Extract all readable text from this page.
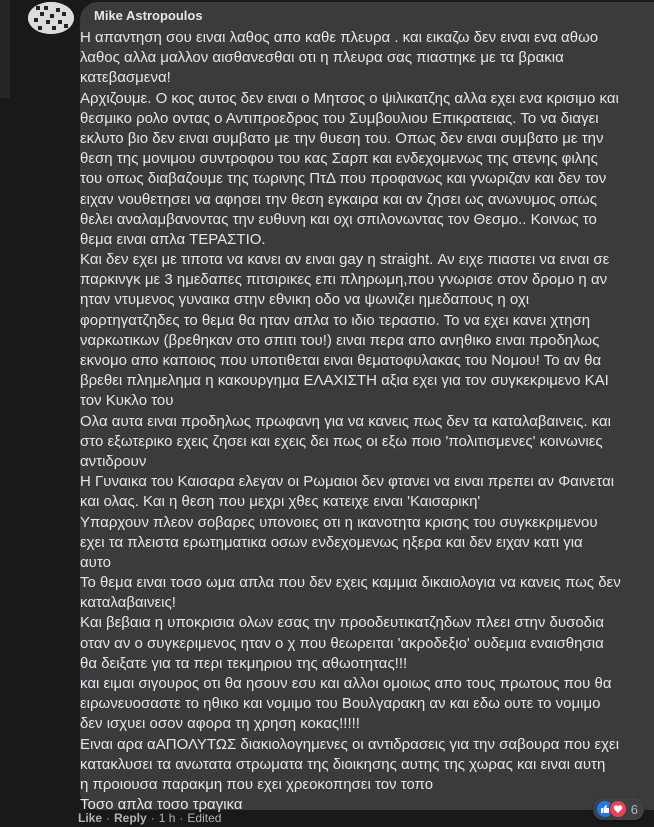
Mike Astropoulos
Η απαντηση σου ειναι λαθος απο καθε πλευρα . και εικαζω δεν ειναι ενα αθωο
λαθος αλλα μαλλον αισθανεσθαι οτι η πλευρα σας πιαστηκε με τα βρακια
κατεβασμενα!
Αρχιζουμε. Ο κος αυτος δεν ειναι ο Μητσος ο ψιλικατζης αλλα εχει ενα κρισιμο και
θεσμικο ρολο οντας ο Αντιπροεδρος του Συμβουλιου Επικρατειας. Το να διαγει
εκλυτο βιο δεν ειναι συμβατο με την θυεση του. Οπως δεν ειναι συμβατο με την
θεση της μονιμου συντροφου του κας Σαρπ και ενδεχομενως της στενης φιλης
του οπως διαβαζουμε της τωρινης ΠτΔ που προφανως και γνωριζαν και δεν τον
ειχαν νουθετησει να αφησει την θεση εγκαιρα και αν ζησει ως ανωνυμος οπως
θελει αναλαμβανοντας την ευθυνη και οχι σπιλονωντας τον Θεσμο.. Κοινως το
θεμα ειναι απλα ΤΕΡΑΣΤΙΟ.
Και δεν εχει με τιποτα να κανει αν ειναι gay η straight. Αν ειχε πιαστει να ειναι σε
παρκινγκ με 3 ημεδαπες πιτσιρικες επι πληρωμη,που γνωρισε στον δρομο η αν
ηταν ντυμενος γυναικα στην εθνικη οδο να ψωνιζει ημεδαπους η οχι
φορτηγατζηδες το θεμα θα ηταν απλα το ιδιο τεραστιο. Το να εχει κανει χτηση
ναρκωτικων (βρεθηκαν στο σπιτι του!) ειναι περα απο ανηθικο ειναι προδηλως
εκνομο απο καποιος που υποτιθεται ειναι θεματοφυλακας του Νομου! Το αν θα
βρεθει πλημελημα η κακουργημα ΕΛΑΧΙΣΤΗ αξια εχει για τον συγκεκριμενο ΚΑΙ
τον Κυκλο του
Ολα αυτα ειναι προδηλως πρωφανη για να κανεις πως δεν τα καταλαβαινεις. και
στο εξωτερικο εχεις ζησει και εχεις δει πως οι εξω ποιο 'πολιτισμενες' κοινωνιες
αντιδρουν
Η Γυναικα του Καισαρα ελεγαν οι Ρωμαιοι δεν φτανει να ειναι πρεπει αν Φαινεται
και ολας. Και η θεση που μεχρι χθες κατειχε ειναι 'Καισαρικη'
Υπαρχουν πλεον σοβαρες υπονοιες οτι η ικανοτητα κρισης του συγκεκριμενου
εχει τα πλειστα ερωτηματικα οσων ενδεχομενως ηξερα και δεν ειχαν κατι για
αυτο
Το θεμα ειναι τοσο ωμα απλα που δεν εχεις καμμια δικαιολογια να κανεις πως δεν
καταλαβαινεις!
Και βεβαια η υποκρισια ολων εσας την προοδευτικατζηδων πλεει στην δυσοδια
οταν αν ο συγκεριμενος ηταν ο χ που θεωρειται 'ακροδεξιο' ουδεμια εναισθησια
θα δειξατε για τα περι τεκμηριου της αθωοτητας!!!
και ειμαι σιγουρος οτι θα ησουν εσυ και αλλοι ομοιως απο τους πρωτους που θα
ειρωνευοσαστε το ηθικο και νομιμο του Βουλγαρακη αν και εδω ουτε το νομιμο
δεν ισχυει οσον αφορα τη χρηση κοκας!!!!!
Ειναι αρα αΑΠΟΛΥΤΩΣ διακιολογημενες οι αντιδρασεις για την σαβουρα που εχει
κατακλυσει τα ανωτατα στρωματα της διοικησης αυτης της χωρας και ειναι αυτη
η προιουσα παρακμη που εχει χρεοκοπησει τον τοπο
Τοσο απλα τοσο τραγικα	6
Like · Reply · 1 h · Edited
